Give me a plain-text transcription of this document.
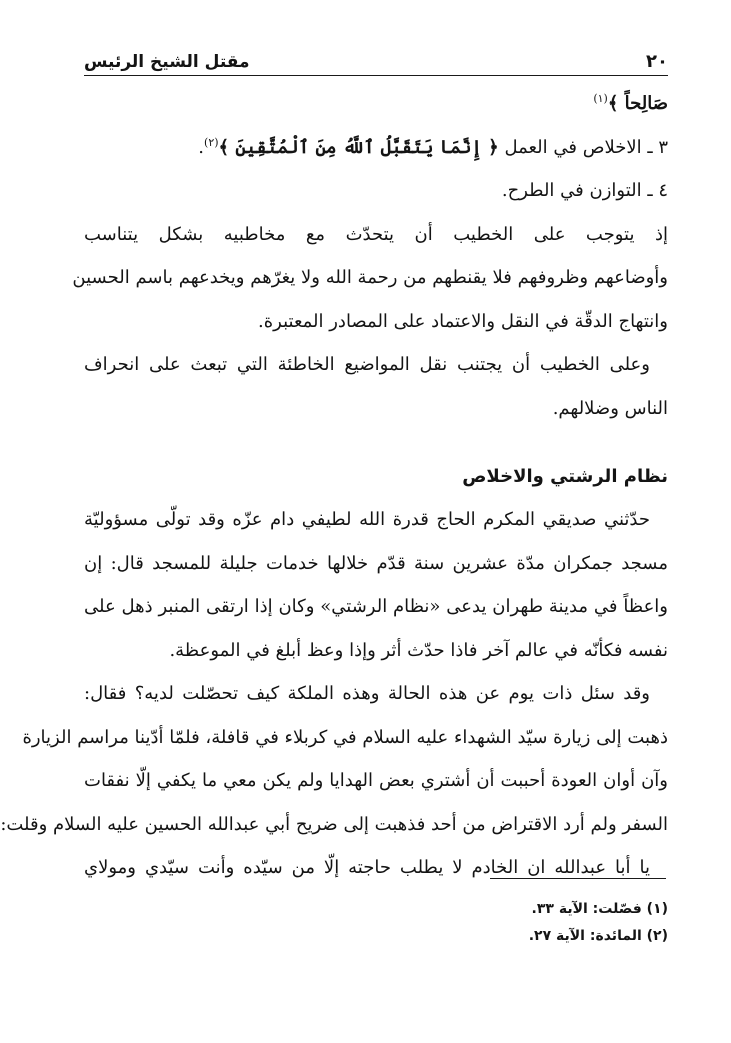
٢٠
مقتل الشيخ الرئيس
صَالِحاً ﴾$^{(١)}$
٣ ـ الاخلاص في العمل ﴿ إِنَّمَا يَتَقَبَّلُ ٱللَّهُ مِنَ ٱلْمُتَّقِينَ ﴾$^{(٢)}$.
٤ ـ التوازن في الطرح.
إذ يتوجب على الخطيب أن يتحدّث مع مخاطبيه بشكل يتناسب
وأوضاعهم وظروفهم فلا يقنطهم من رحمة الله ولا يغرّهم ويخدعهم باسم الحسين
وانتهاج الدقّة في النقل والاعتماد على المصادر المعتبرة.
وعلى الخطيب أن يجتنب نقل المواضيع الخاطئة التي تبعث على انحراف
الناس وضلالهم.
نظام الرشتي والاخلاص
حدّثني صديقي المكرم الحاج قدرة الله لطيفي دام عزّه وقد تولّى مسؤوليّة
مسجد جمكران مدّة عشرين سنة قدّم خلالها خدمات جليلة للمسجد قال: إن
واعظاً في مدينة طهران يدعى «نظام الرشتي» وكان إذا ارتقى المنبر ذهل على
نفسه فكأنّه في عالم آخر فاذا حدّث أثر وإذا وعظ أبلغ في الموعظة.
وقد سئل ذات يوم عن هذه الحالة وهذه الملكة كيف تحصّلت لديه؟ فقال:
ذهبت إلى زيارة سيّد الشهداء عليه السلام في كربلاء في قافلة، فلمّا أدّينا مراسم الزيارة
وآن أوان العودة أحببت أن أشتري بعض الهدايا ولم يكن معي ما يكفي إلّا نفقات
السفر ولم أرد الاقتراض من أحد فذهبت إلى ضريح أبي عبدالله الحسين عليه السلام وقلت:
يا أبا عبدالله ان الخادم لا يطلب حاجته إلّا من سيّده وأنت سيّدي ومولاي
(١) فصّلت: الآية ٣٣.
(٢) المائدة: الآية ٢٧.
